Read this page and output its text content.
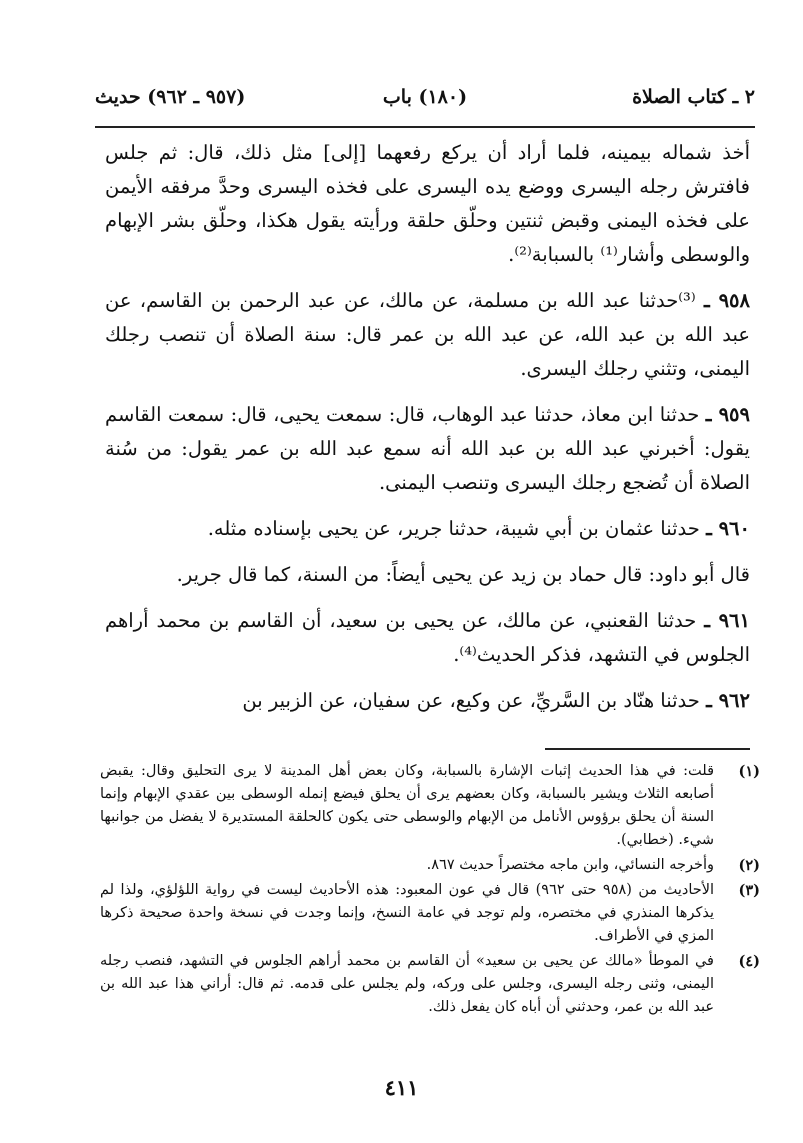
٢ ـ كتاب الصلاة
(١٨٠) باب
(٩٥٧ ـ ٩٦٢) حديث

أخذ شماله بيمينه، فلما أراد أن يركع رفعهما [إلى] مثل ذلك، قال: ثم جلس فافترش رجله اليسرى ووضع يده اليسرى على فخذه اليسرى وحدَّ مرفقه الأيمن على فخذه اليمنى وقبض ثنتين وحلّق حلقة ورأيته يقول هكذا، وحلّق بشر الإبهام والوسطى وأشار⁽¹⁾ بالسبابة⁽²⁾.

٩٥٨ ـ ⁽³⁾حدثنا عبد الله بن مسلمة، عن مالك، عن عبد الرحمن بن القاسم، عن عبد الله بن عبد الله، عن عبد الله بن عمر قال: سنة الصلاة أن تنصب رجلك اليمنى، وتثني رجلك اليسرى.

٩٥٩ ـ حدثنا ابن معاذ، حدثنا عبد الوهاب، قال: سمعت يحيى، قال: سمعت القاسم يقول: أخبرني عبد الله بن عبد الله أنه سمع عبد الله بن عمر يقول: من سُنة الصلاة أن تُضجع رجلك اليسرى وتنصب اليمنى.

٩٦٠ ـ حدثنا عثمان بن أبي شيبة، حدثنا جرير، عن يحيى بإسناده مثله.

قال أبو داود: قال حماد بن زيد عن يحيى أيضاً: من السنة، كما قال جرير.

٩٦١ ـ حدثنا القعنبي، عن مالك، عن يحيى بن سعيد، أن القاسم بن محمد أراهم الجلوس في التشهد، فذكر الحديث⁽⁴⁾.

٩٦٢ ـ حدثنا هنّاد بن السَّريِّ، عن وكيع، عن سفيان، عن الزبير بن

(١)
قلت: في هذا الحديث إثبات الإشارة بالسبابة، وكان بعض أهل المدينة لا يرى التحليق وقال: يقبض أصابعه الثلاث ويشير بالسبابة، وكان بعضهم يرى أن يحلق فيضع إنمله الوسطى بين عقدي الإبهام وإنما السنة أن يحلق برؤوس الأنامل من الإبهام والوسطى حتى يكون كالحلقة المستديرة لا يفضل من جوانبها شيء. (خطابي).
(٢)
وأخرجه النسائي، وابن ماجه مختصراً حديث ٨٦٧.
(٣)
الأحاديث من (٩٥٨ حتى ٩٦٢) قال في عون المعبود: هذه الأحاديث ليست في رواية اللؤلؤي، ولذا لم يذكرها المنذري في مختصره، ولم توجد في عامة النسخ، وإنما وجدت في نسخة واحدة صحيحة ذكرها المزي في الأطراف.
(٤)
في الموطأ «مالك عن يحيى بن سعيد» أن القاسم بن محمد أراهم الجلوس في التشهد، فنصب رجله اليمنى، وثنى رجله اليسرى، وجلس على وركه، ولم يجلس على قدمه. ثم قال: أراني هذا عبد الله بن عبد الله بن عمر، وحدثني أن أباه كان يفعل ذلك.
٤١١
